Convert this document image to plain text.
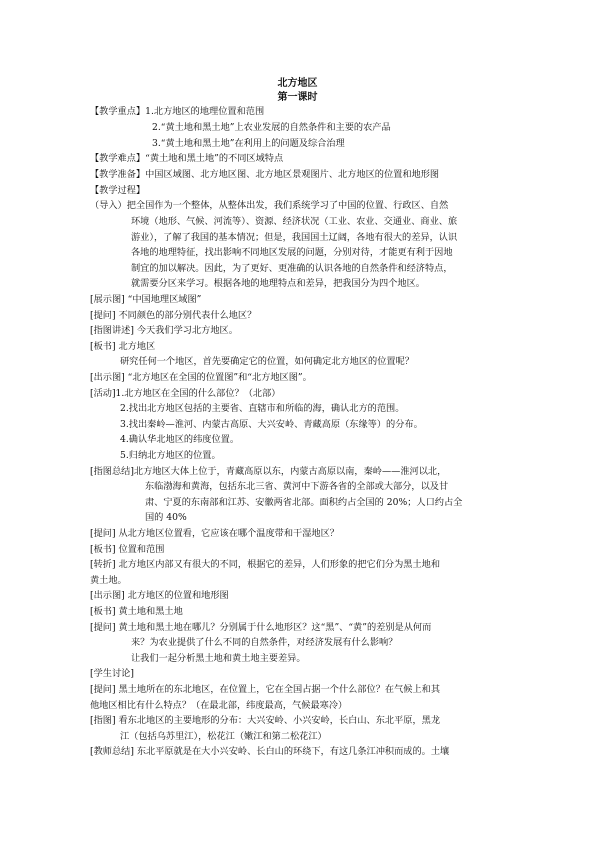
北方地区
第一课时
【教学重点】1.北方地区的地理位置和范围
2.“黄土地和黑土地”上农业发展的自然条件和主要的农产品
3.“黄土地和黑土地”在利用上的问题及综合治理
【教学难点】“黄土地和黑土地”的不同区域特点
【教学准备】中国区域图、北方地区图、北方地区景观图片、北方地区的位置和地形图
【教学过程】
（导入）把全国作为一个整体，从整体出发，我们系统学习了中国的位置、行政区、自然
环境（地形、气候、河流等）、资源、经济状况（工业、农业、交通业、商业、旅
游业），了解了我国的基本情况；但是，我国国土辽阔，各地有很大的差异，认识
各地的地理特征，找出影响不同地区发展的问题，分别对待，才能更有利于因地
制宜的加以解决。因此，为了更好、更准确的认识各地的自然条件和经济特点，
就需要分区来学习。根据各地的地理特点和差异，把我国分为四个地区。
[展示图] “中国地理区域图”
[提问] 不同颜色的部分别代表什么地区？
[指图讲述] 今天我们学习北方地区。
[板书] 北方地区
研究任何一个地区，首先要确定它的位置，如何确定北方地区的位置呢？
[出示图] “北方地区在全国的位置图”和“北方地区图”。
[活动]1.北方地区在全国的什么部位？（北部）
2.找出北方地区包括的主要省、直辖市和所临的海，确认北方的范围。
3.找出秦岭—淮河、内蒙古高原、大兴安岭、青藏高原（东缘等）的分布。
4.确认华北地区的纬度位置。
5.归纳北方地区的位置。
[指图总结]北方地区大体上位于，青藏高原以东，内蒙古高原以南，秦岭——淮河以北，
东临渤海和黄海，包括东北三省、黄河中下游各省的全部或大部分，以及甘
肃、宁夏的东南部和江苏、安徽两省北部。面积约占全国的 20%；人口约占全
国的 40%
[提问] 从北方地区位置看，它应该在哪个温度带和干湿地区？
[板书] 位置和范围
[转折] 北方地区内部又有很大的不同，根据它的差异，人们形象的把它们分为黑土地和
黄土地。
[出示图] 北方地区的位置和地形图
[板书] 黄土地和黑土地
[提问] 黄土地和黑土地在哪儿？分别属于什么地形区？这“黑”、“黄”的差别是从何而
来？为农业提供了什么不同的自然条件，对经济发展有什么影响？
让我们一起分析黑土地和黄土地主要差异。
[学生讨论]
[提问] 黑土地所在的东北地区，在位置上，它在全国占据一个什么部位？在气候上和其
他地区相比有什么特点？（在最北部，纬度最高，气候最寒冷）
[指图] 看东北地区的主要地形的分布：大兴安岭、小兴安岭，长白山、东北平原，黑龙
江（包括乌苏里江），松花江（嫩江和第二松花江）
[教师总结] 东北平原就是在大小兴安岭、长白山的环绕下，有这几条江冲积而成的。土壤
